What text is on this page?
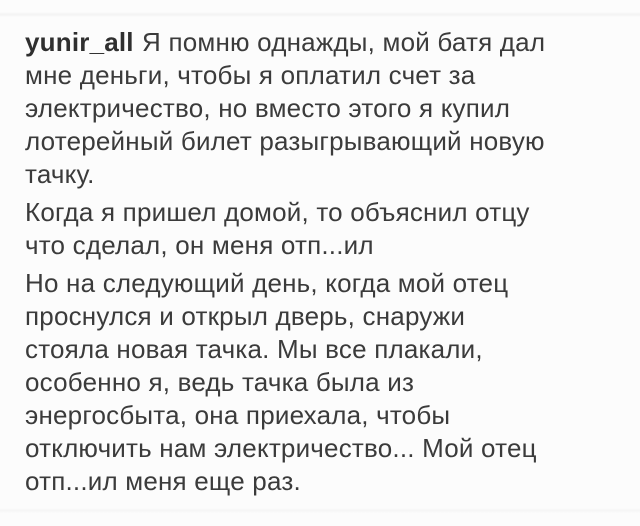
yunir_all Я помню однажды, мой батя дал
мне деньги, чтобы я оплатил счет за
электричество, но вместо этого я купил
лотерейный билет разыгрывающий новую
тачку.
Когда я пришел домой, то объяснил отцу
что сделал, он меня отп...ил
Но на следующий день, когда мой отец
проснулся и открыл дверь, снаружи
стояла новая тачка. Мы все плакали,
особенно я, ведь тачка была из
энергосбыта, она приехала, чтобы
отключить нам электричество... Мой отец
отп...ил меня еще раз.
